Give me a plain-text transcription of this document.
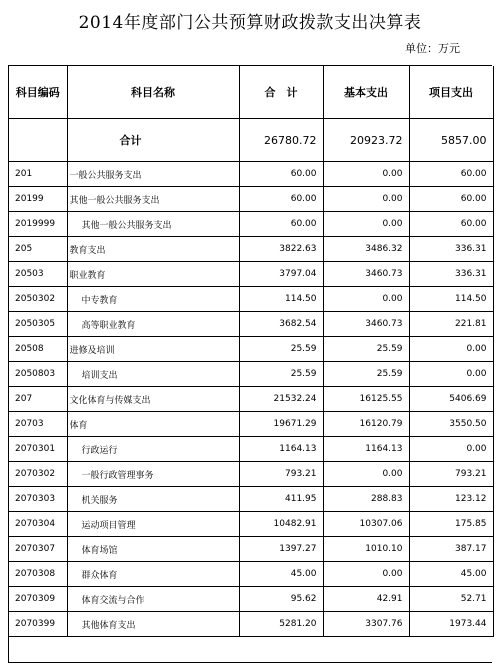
2014年度部门公共预算财政拨款支出决算表
单位：万元
科目编码	科目名称	合　计	基本支出	项目支出
	合计	26780.72	20923.72	5857.00
201	一般公共服务支出	60.00	0.00	60.00
20199	其他一般公共服务支出	60.00	0.00	60.00
2019999	其他一般公共服务支出	60.00	0.00	60.00
205	教育支出	3822.63	3486.32	336.31
20503	职业教育	3797.04	3460.73	336.31
2050302	中专教育	114.50	0.00	114.50
2050305	高等职业教育	3682.54	3460.73	221.81
20508	进修及培训	25.59	25.59	0.00
2050803	培训支出	25.59	25.59	0.00
207	文化体育与传媒支出	21532.24	16125.55	5406.69
20703	体育	19671.29	16120.79	3550.50
2070301	行政运行	1164.13	1164.13	0.00
2070302	一般行政管理事务	793.21	0.00	793.21
2070303	机关服务	411.95	288.83	123.12
2070304	运动项目管理	10482.91	10307.06	175.85
2070307	体育场馆	1397.27	1010.10	387.17
2070308	群众体育	45.00	0.00	45.00
2070309	体育交流与合作	95.62	42.91	52.71
2070399	其他体育支出	5281.20	3307.76	1973.44
